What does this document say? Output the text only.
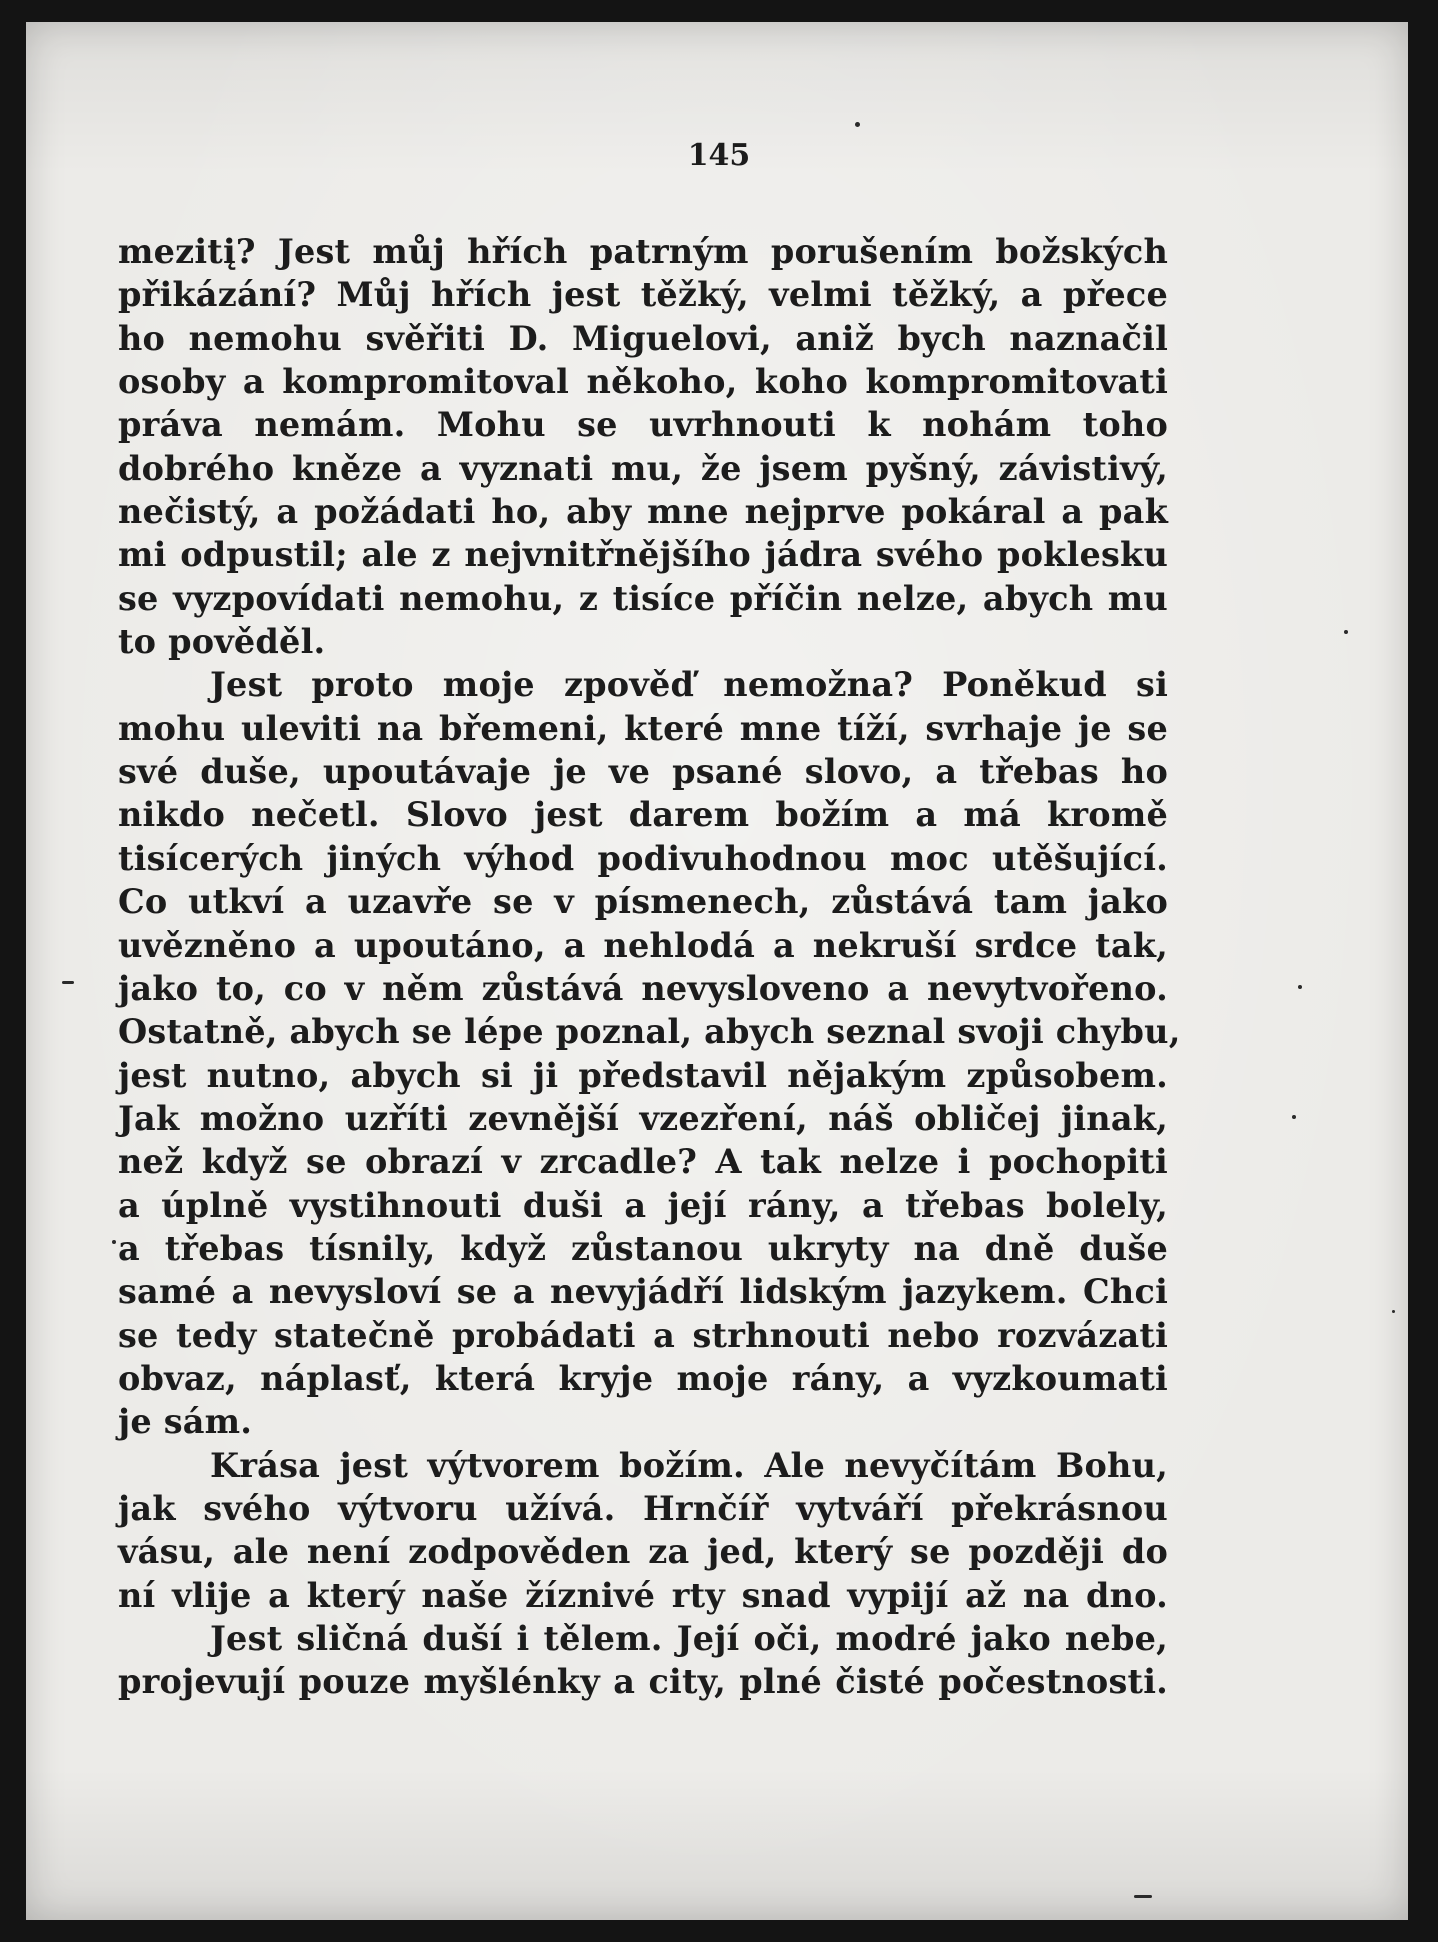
145
mezitį? Jest můj hřích patrným porušením božských
přikázání? Můj hřích jest těžký, velmi těžký, a přece
ho nemohu svěřiti D. Miguelovi, aniž bych naznačil
osoby a kompromitoval někoho, koho kompromitovati
práva nemám. Mohu se uvrhnouti k nohám toho
dobrého kněze a vyznati mu, že jsem pyšný, závistivý,
nečistý, a požádati ho, aby mne nejprve pokáral a pak
mi odpustil; ale z nejvnitřnějšího jádra svého poklesku
se vyzpovídati nemohu, z tisíce příčin nelze, abych mu
to pověděl.
Jest proto moje zpověď nemožna? Poněkud si
mohu uleviti na břemeni, které mne tíží, svrhaje je se
své duše, upoutávaje je ve psané slovo, a třebas ho
nikdo nečetl. Slovo jest darem božím a má kromě
tisícerých jiných výhod podivuhodnou moc utěšující.
Co utkví a uzavře se v písmenech, zůstává tam jako
uvězněno a upoutáno, a nehlodá a nekruší srdce tak,
jako to, co v něm zůstává nevysloveno a nevytvořeno.
Ostatně, abych se lépe poznal, abych seznal svoji chybu,
jest nutno, abych si ji představil nějakým způsobem.
Jak možno uzříti zevnější vzezření, náš obličej jinak,
než když se obrazí v zrcadle? A tak nelze i pochopiti
a úplně vystihnouti duši a její rány, a třebas bolely,
a třebas tísnily, když zůstanou ukryty na dně duše
samé a nevysloví se a nevyjádří lidským jazykem. Chci
se tedy statečně probádati a strhnouti nebo rozvázati
obvaz, náplasť, která kryje moje rány, a vyzkoumati
je sám.
Krása jest výtvorem božím. Ale nevyčítám Bohu,
jak svého výtvoru užívá. Hrnčíř vytváří překrásnou
vásu, ale není zodpověden za jed, který se později do
ní vlije a který naše žíznivé rty snad vypijí až na dno.
Jest sličná duší i tělem. Její oči, modré jako nebe,
projevují pouze myšlénky a city, plné čisté počestnosti.
